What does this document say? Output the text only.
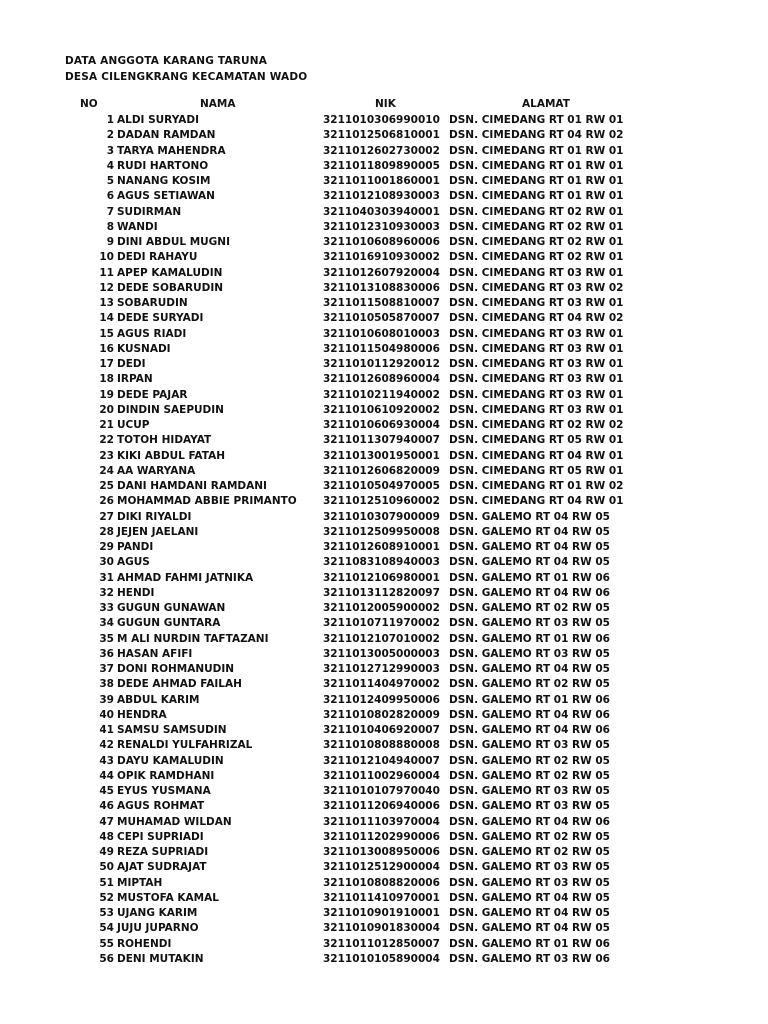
DATA ANGGOTA KARANG TARUNA
DESA CILENGKRANG KECAMATAN WADO
NO	NAMA	NIK	ALAMAT
1 ALDI SURYADI	3211010306990010 DSN. CIMEDANG RT 01 RW 01
2 DADAN RAMDAN	3211012506810001 DSN. CIMEDANG RT 04 RW 02
3 TARYA MAHENDRA	3211012602730002 DSN. CIMEDANG RT 01 RW 01
4 RUDI HARTONO	3211011809890005 DSN. CIMEDANG RT 01 RW 01
5 NANANG KOSIM	3211011001860001 DSN. CIMEDANG RT 01 RW 01
6 AGUS SETIAWAN	3211012108930003 DSN. CIMEDANG RT 01 RW 01
7 SUDIRMAN	3211040303940001 DSN. CIMEDANG RT 02 RW 01
8 WANDI	3211012310930003 DSN. CIMEDANG RT 02 RW 01
9 DINI ABDUL MUGNI	3211010608960006 DSN. CIMEDANG RT 02 RW 01
10 DEDI RAHAYU	3211016910930002 DSN. CIMEDANG RT 02 RW 01
11 APEP KAMALUDIN	3211012607920004 DSN. CIMEDANG RT 03 RW 01
12 DEDE SOBARUDIN	3211013108830006 DSN. CIMEDANG RT 03 RW 02
13 SOBARUDIN	3211011508810007 DSN. CIMEDANG RT 03 RW 01
14 DEDE SURYADI	3211010505870007 DSN. CIMEDANG RT 04 RW 02
15 AGUS RIADI	3211010608010003 DSN. CIMEDANG RT 03 RW 01
16 KUSNADI	3211011504980006 DSN. CIMEDANG RT 03 RW 01
17 DEDI	3211010112920012 DSN. CIMEDANG RT 03 RW 01
18 IRPAN	3211012608960004 DSN. CIMEDANG RT 03 RW 01
19 DEDE PAJAR	3211010211940002 DSN. CIMEDANG RT 03 RW 01
20 DINDIN SAEPUDIN	3211010610920002 DSN. CIMEDANG RT 03 RW 01
21 UCUP	3211010606930004 DSN. CIMEDANG RT 02 RW 02
22 TOTOH HIDAYAT	3211011307940007 DSN. CIMEDANG RT 05 RW 01
23 KIKI ABDUL FATAH	3211013001950001 DSN. CIMEDANG RT 04 RW 01
24 AA WARYANA	3211012606820009 DSN. CIMEDANG RT 05 RW 01
25 DANI HAMDANI RAMDANI	3211010504970005 DSN. CIMEDANG RT 01 RW 02
26 MOHAMMAD ABBIE PRIMANTO	3211012510960002 DSN. CIMEDANG RT 04 RW 01
27 DIKI RIYALDI	3211010307900009 DSN. GALEMO RT 04 RW 05
28 JEJEN JAELANI	3211012509950008 DSN. GALEMO RT 04 RW 05
29 PANDI	3211012608910001 DSN. GALEMO RT 04 RW 05
30 AGUS	3211083108940003 DSN. GALEMO RT 04 RW 05
31 AHMAD FAHMI JATNIKA	3211012106980001 DSN. GALEMO RT 01 RW 06
32 HENDI	3211013112820097 DSN. GALEMO RT 04 RW 06
33 GUGUN GUNAWAN	3211012005900002 DSN. GALEMO RT 02 RW 05
34 GUGUN GUNTARA	3211010711970002 DSN. GALEMO RT 03 RW 05
35 M ALI NURDIN TAFTAZANI	3211012107010002 DSN. GALEMO RT 01 RW 06
36 HASAN AFIFI	3211013005000003 DSN. GALEMO RT 03 RW 05
37 DONI ROHMANUDIN	3211012712990003 DSN. GALEMO RT 04 RW 05
38 DEDE AHMAD FAILAH	3211011404970002 DSN. GALEMO RT 02 RW 05
39 ABDUL KARIM	3211012409950006 DSN. GALEMO RT 01 RW 06
40 HENDRA	3211010802820009 DSN. GALEMO RT 04 RW 06
41 SAMSU SAMSUDIN	3211010406920007 DSN. GALEMO RT 04 RW 06
42 RENALDI YULFAHRIZAL	3211010808880008 DSN. GALEMO RT 03 RW 05
43 DAYU KAMALUDIN	3211012104940007 DSN. GALEMO RT 02 RW 05
44 OPIK RAMDHANI	3211011002960004 DSN. GALEMO RT 02 RW 05
45 EYUS YUSMANA	3211010107970040 DSN. GALEMO RT 03 RW 05
46 AGUS ROHMAT	3211011206940006 DSN. GALEMO RT 03 RW 05
47 MUHAMAD WILDAN	3211011103970004 DSN. GALEMO RT 04 RW 06
48 CEPI SUPRIADI	3211011202990006 DSN. GALEMO RT 02 RW 05
49 REZA SUPRIADI	3211013008950006 DSN. GALEMO RT 02 RW 05
50 AJAT SUDRAJAT	3211012512900004 DSN. GALEMO RT 03 RW 05
51 MIPTAH	3211010808820006 DSN. GALEMO RT 03 RW 05
52 MUSTOFA KAMAL	3211011410970001 DSN. GALEMO RT 04 RW 05
53 UJANG KARIM	3211010901910001 DSN. GALEMO RT 04 RW 05
54 JUJU JUPARNO	3211010901830004 DSN. GALEMO RT 04 RW 05
55 ROHENDI	3211011012850007 DSN. GALEMO RT 01 RW 06
56 DENI MUTAKIN	3211010105890004 DSN. GALEMO RT 03 RW 06
